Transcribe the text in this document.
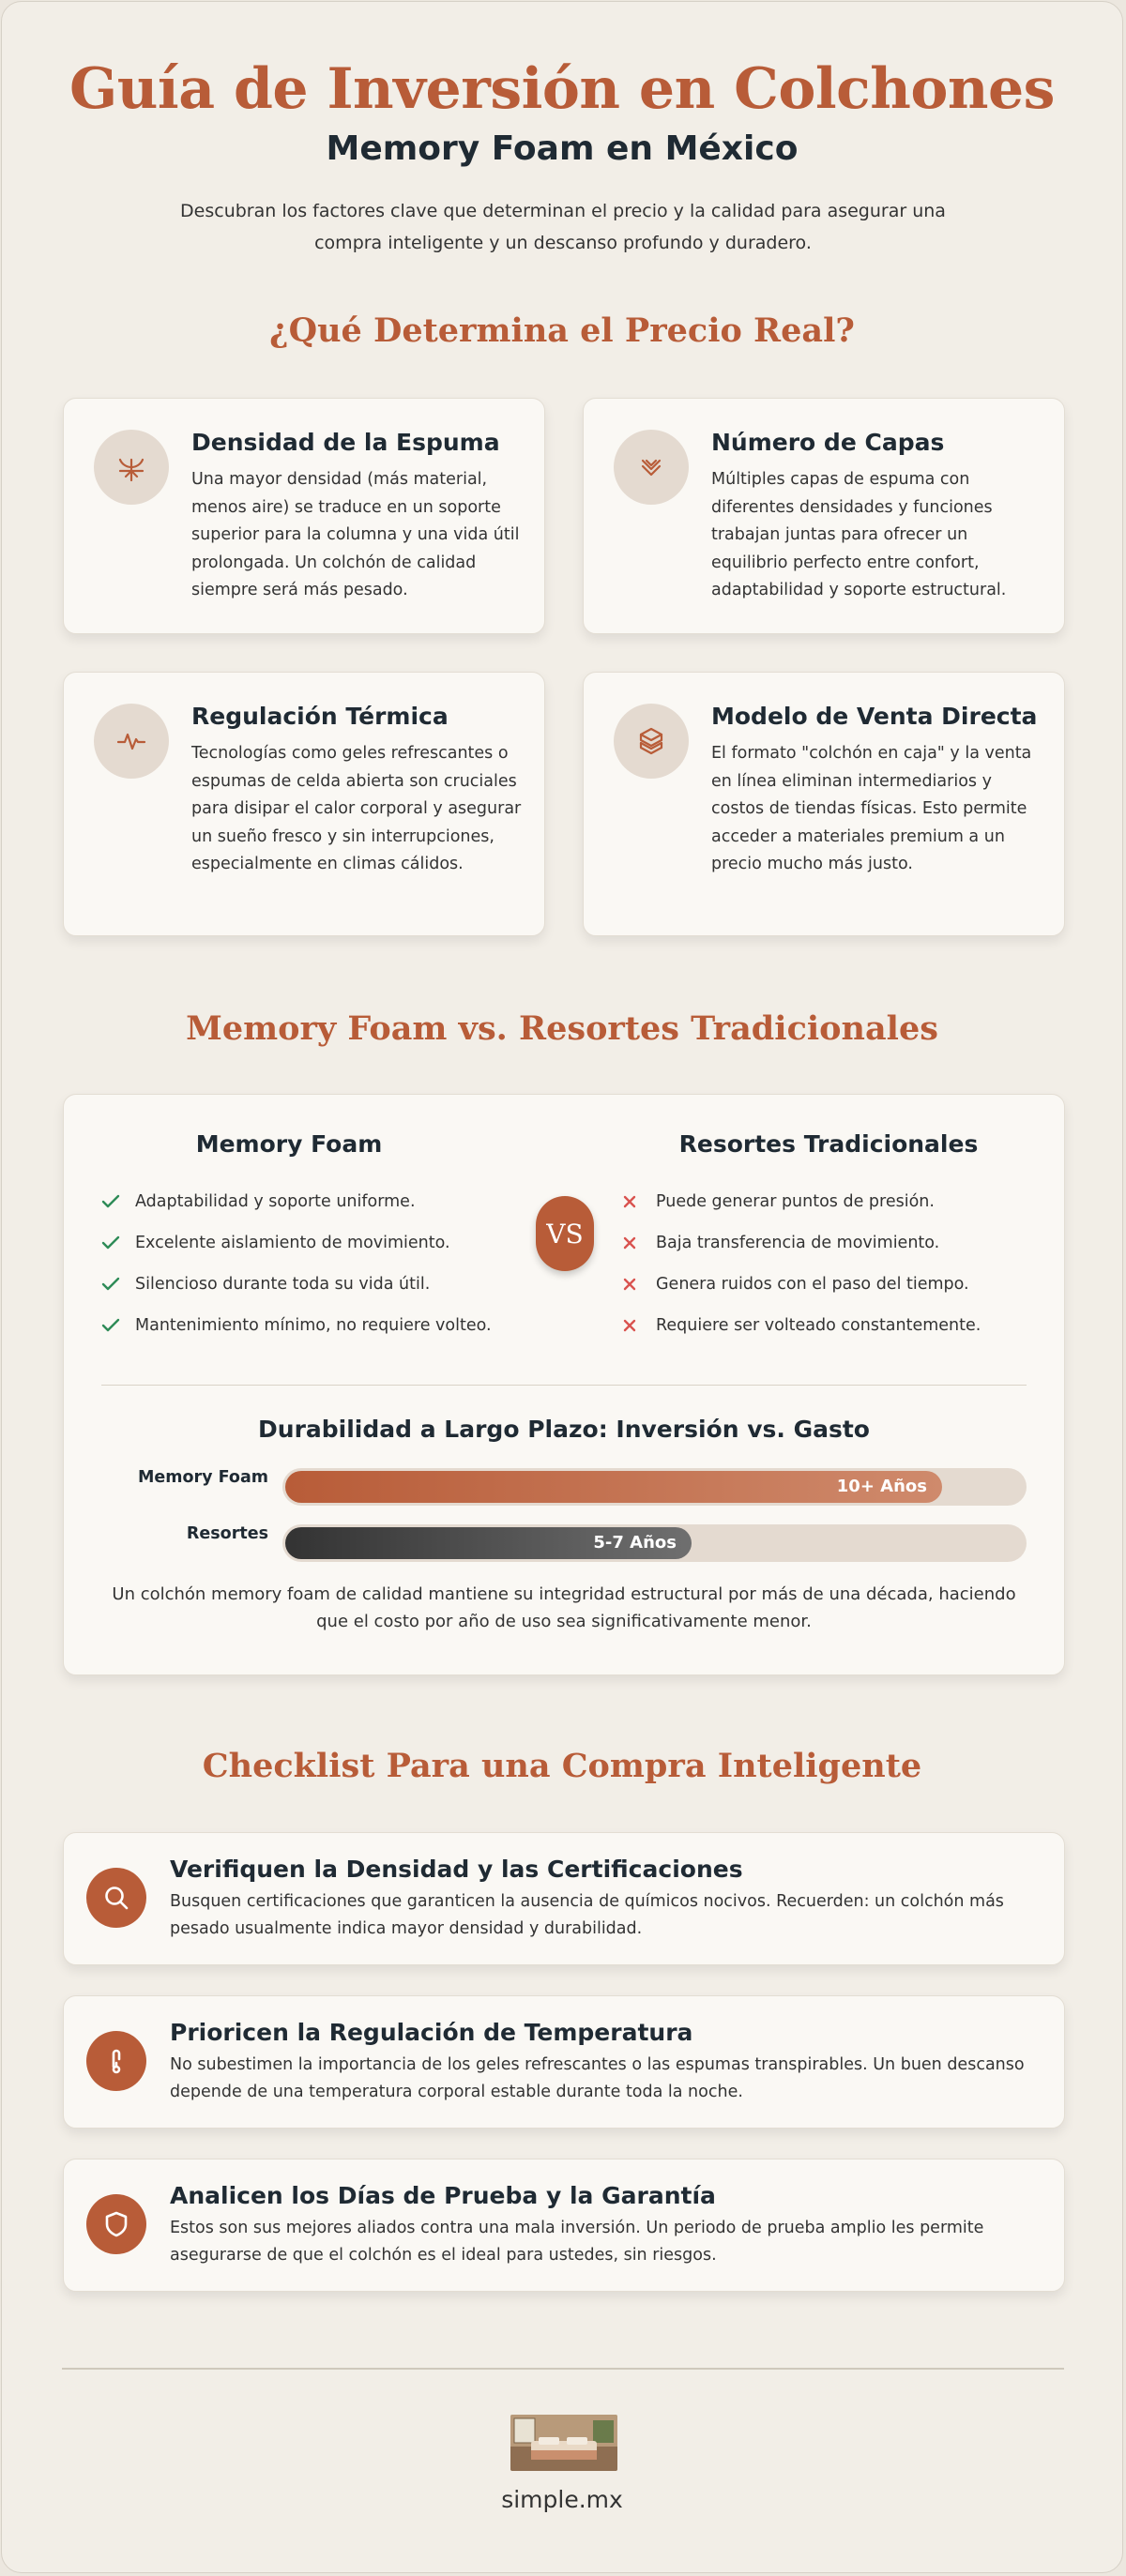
Guía de Inversión en Colchones
Memory Foam en México

Descubran los factores clave que determinan el precio y la calidad para asegurar una compra inteligente y un descanso profundo y duradero.

¿Qué Determina el Precio Real?
Densidad de la Espuma

Una mayor densidad (más material, menos aire) se traduce en un soporte superior para la columna y una vida útil prolongada. Un colchón de calidad siempre será más pesado.

Número de Capas

Múltiples capas de espuma con diferentes densidades y funciones trabajan juntas para ofrecer un equilibrio perfecto entre confort, adaptabilidad y soporte estructural.

Regulación Térmica

Tecnologías como geles refrescantes o espumas de celda abierta son cruciales para disipar el calor corporal y asegurar un sueño fresco y sin interrupciones, especialmente en climas cálidos.

Modelo de Venta Directa

El formato "colchón en caja" y la venta en línea eliminan intermediarios y costos de tiendas físicas. Esto permite acceder a materiales premium a un precio mucho más justo.

Memory Foam vs. Resortes Tradicionales
Memory Foam	Resortes Tradicionales
Adaptabilidad y soporte uniforme.
Excelente aislamiento de movimiento.
Silencioso durante toda su vida útil.
Mantenimiento mínimo, no requiere volteo.
VS
Puede generar puntos de presión.
Baja transferencia de movimiento.
Genera ruidos con el paso del tiempo.
Requiere ser volteado constantemente.
Durabilidad a Largo Plazo: Inversión vs. Gasto
Memory Foam	10+ Años
Resortes	5-7 Años

Un colchón memory foam de calidad mantiene su integridad estructural por más de una década, haciendo que el costo por año de uso sea significativamente menor.

Checklist Para una Compra Inteligente
Verifiquen la Densidad y las Certificaciones

Busquen certificaciones que garanticen la ausencia de químicos nocivos. Recuerden: un colchón más pesado usualmente indica mayor densidad y durabilidad.

Prioricen la Regulación de Temperatura

No subestimen la importancia de los geles refrescantes o las espumas transpirables. Un buen descanso depende de una temperatura corporal estable durante toda la noche.

Analicen los Días de Prueba y la Garantía

Estos son sus mejores aliados contra una mala inversión. Un periodo de prueba amplio les permite asegurarse de que el colchón es el ideal para ustedes, sin riesgos.

simple.mx
